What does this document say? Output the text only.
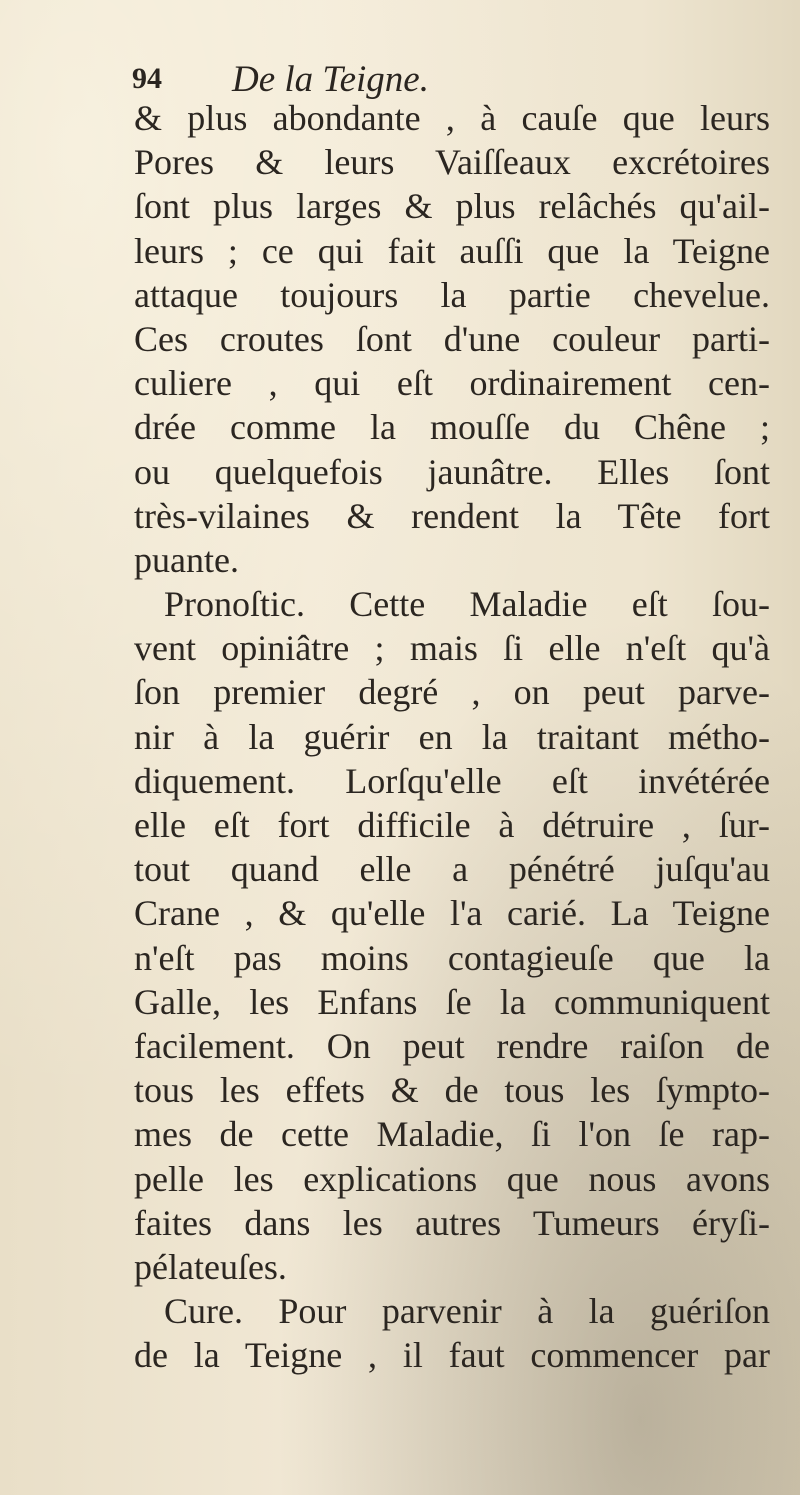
94 De la Teigne.
& plus abondante , à cauſe que leurs
Pores & leurs Vaiſſeaux excrétoires
ſont plus larges & plus relâchés qu'ail-
leurs ; ce qui fait auſſi que la Teigne
attaque toujours la partie chevelue.
Ces croutes ſont d'une couleur parti-
culiere , qui eſt ordinairement cen-
drée comme la mouſſe du Chêne ;
ou quelquefois jaunâtre. Elles ſont
très-vilaines & rendent la Tête fort
puante.
Pronoſtic. Cette Maladie eſt ſou-
vent opiniâtre ; mais ſi elle n'eſt qu'à
ſon premier degré , on peut parve-
nir à la guérir en la traitant métho-
diquement. Lorſqu'elle eſt invétérée
elle eſt fort difficile à détruire , ſur-
tout quand elle a pénétré juſqu'au
Crane , & qu'elle l'a carié. La Teigne
n'eſt pas moins contagieuſe que la
Galle, les Enfans ſe la communiquent
facilement. On peut rendre raiſon de
tous les effets & de tous les ſympto-
mes de cette Maladie, ſi l'on ſe rap-
pelle les explications que nous avons
faites dans les autres Tumeurs éryſi-
pélateuſes.
Cure. Pour parvenir à la guériſon
de la Teigne , il faut commencer par
